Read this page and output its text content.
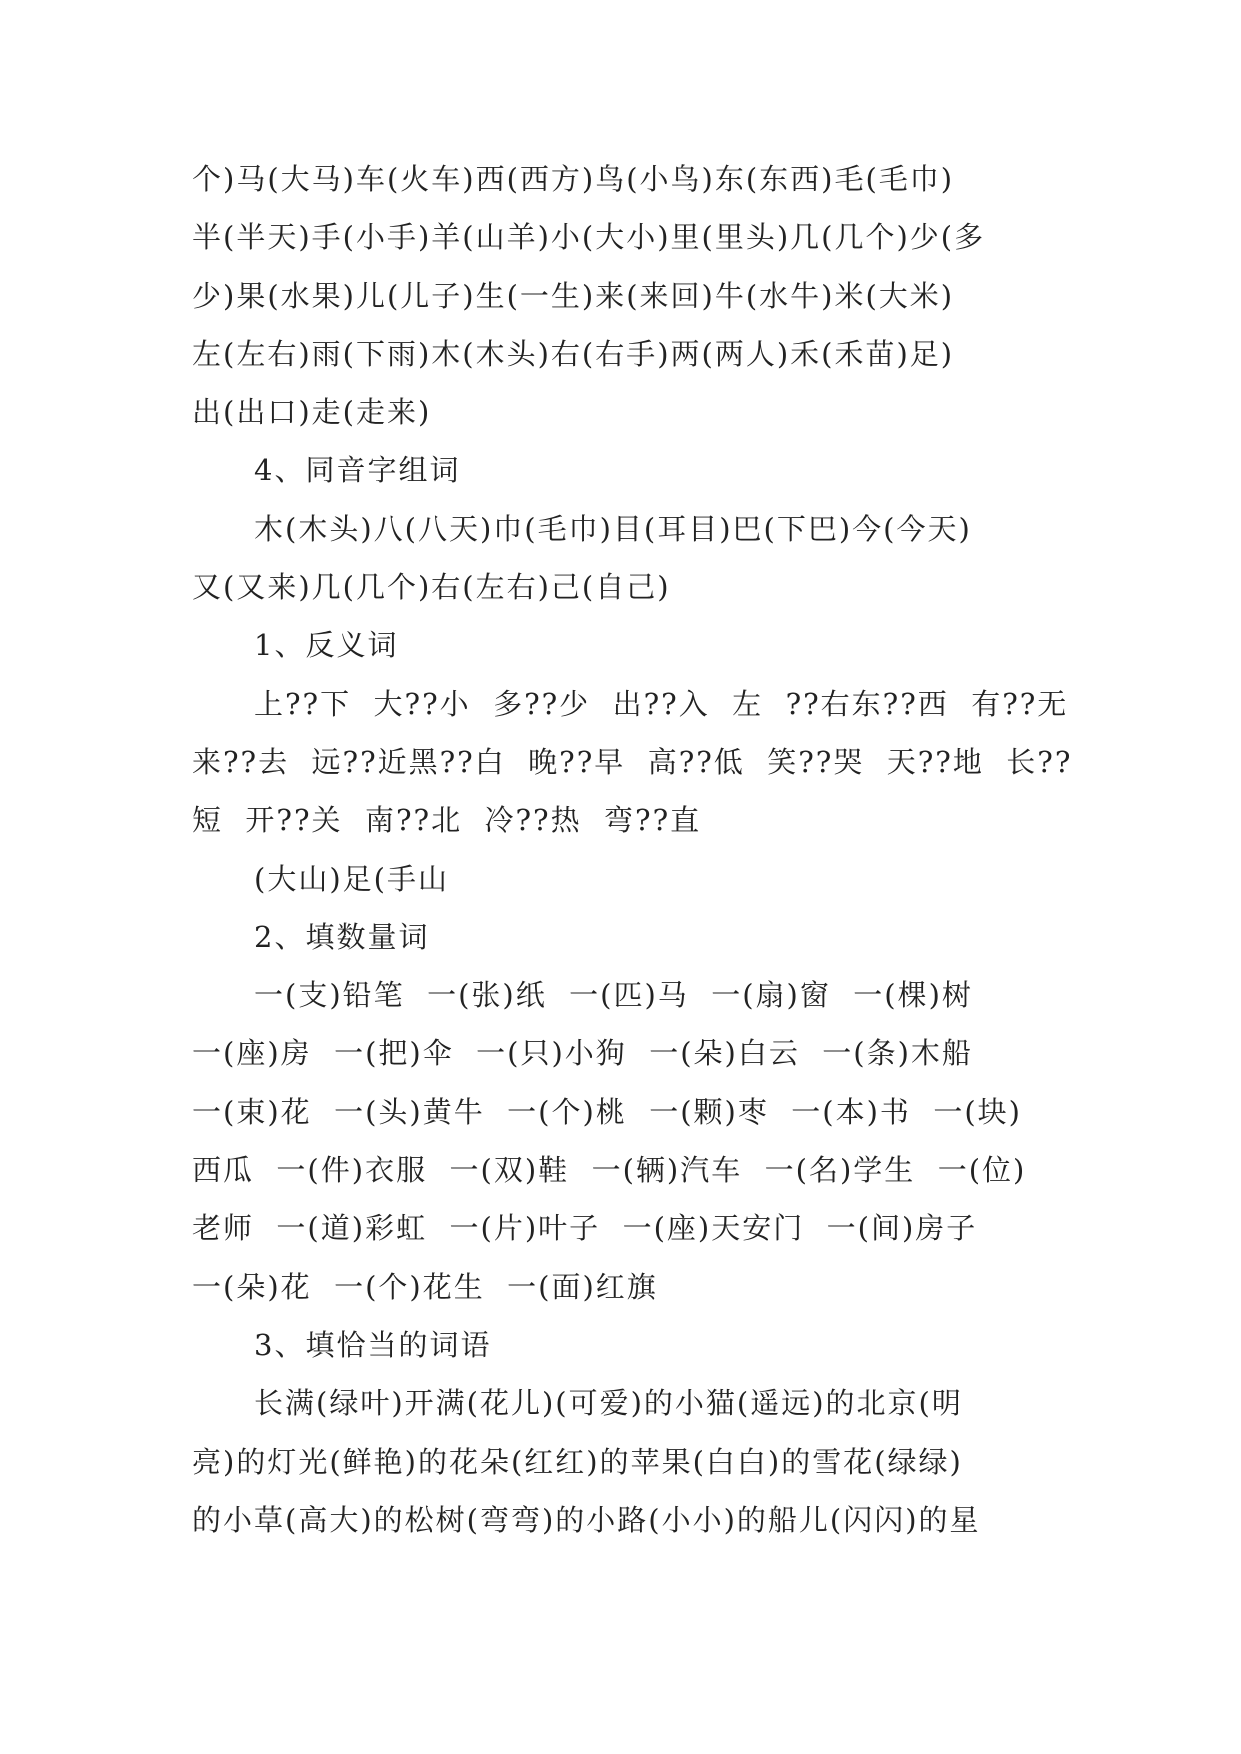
个)马(大马)车(火车)西(西方)鸟(小鸟)东(东西)毛(毛巾)
半(半天)手(小手)羊(山羊)小(大小)里(里头)几(几个)少(多
少)果(水果)儿(儿子)生(一生)来(来回)牛(水牛)米(大米)
左(左右)雨(下雨)木(木头)右(右手)两(两人)禾(禾苗)足)
出(出口)走(走来)
4、同音字组词
木(木头)八(八天)巾(毛巾)目(耳目)巴(下巴)今(今天)
又(又来)几(几个)右(左右)己(自己)
1、反义词
上??下  大??小  多??少  出??入  左  ??右东??西  有??无
来??去  远??近黑??白  晚??早  高??低  笑??哭  天??地  长??
短  开??关  南??北  冷??热  弯??直
(大山)足(手山
2、填数量词
一(支)铅笔  一(张)纸  一(匹)马  一(扇)窗  一(棵)树
一(座)房  一(把)伞  一(只)小狗  一(朵)白云  一(条)木船
一(束)花  一(头)黄牛  一(个)桃  一(颗)枣  一(本)书  一(块)
西瓜  一(件)衣服  一(双)鞋  一(辆)汽车  一(名)学生  一(位)
老师  一(道)彩虹  一(片)叶子  一(座)天安门  一(间)房子
一(朵)花  一(个)花生  一(面)红旗
3、填恰当的词语
长满(绿叶)开满(花儿)(可爱)的小猫(遥远)的北京(明
亮)的灯光(鲜艳)的花朵(红红)的苹果(白白)的雪花(绿绿)
的小草(高大)的松树(弯弯)的小路(小小)的船儿(闪闪)的星
